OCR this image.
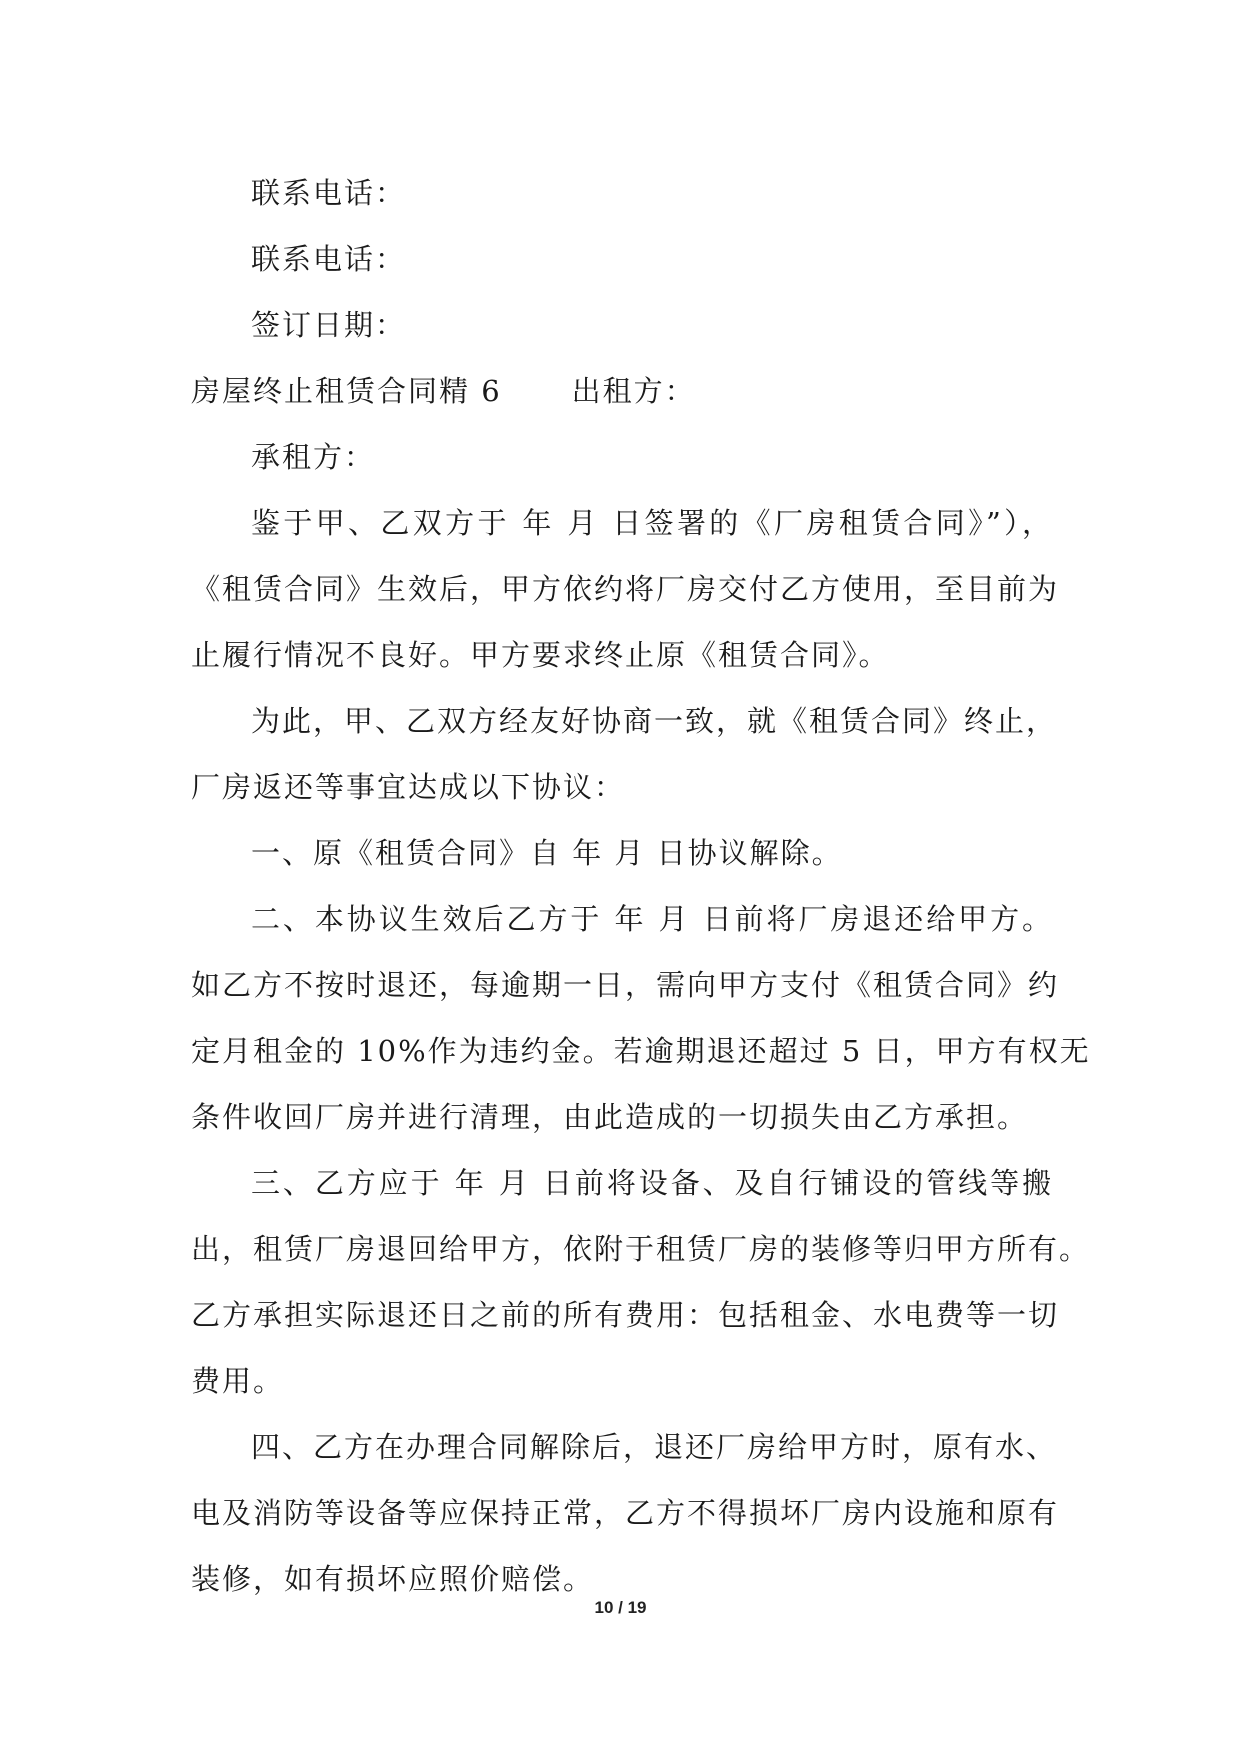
联系电话：
联系电话：
签订日期：
房屋终止租赁合同精 6 出租方：
承租方：
鉴于甲、乙双方于 年 月 日签署的《厂房租赁合同》”），
《租赁合同》生效后，甲方依约将厂房交付乙方使用，至目前为
止履行情况不良好。甲方要求终止原《租赁合同》。
为此，甲、乙双方经友好协商一致，就《租赁合同》终止，
厂房返还等事宜达成以下协议：
一、原《租赁合同》自 年 月 日协议解除。
二、本协议生效后乙方于 年 月 日前将厂房退还给甲方。
如乙方不按时退还，每逾期一日，需向甲方支付《租赁合同》约
定月租金的 10%作为违约金。若逾期退还超过 5 日，甲方有权无
条件收回厂房并进行清理，由此造成的一切损失由乙方承担。
三、乙方应于 年 月 日前将设备、及自行铺设的管线等搬
出，租赁厂房退回给甲方，依附于租赁厂房的装修等归甲方所有。
乙方承担实际退还日之前的所有费用：包括租金、水电费等一切
费用。
四、乙方在办理合同解除后，退还厂房给甲方时，原有水、
电及消防等设备等应保持正常，乙方不得损坏厂房内设施和原有
装修，如有损坏应照价赔偿。
10 / 19
